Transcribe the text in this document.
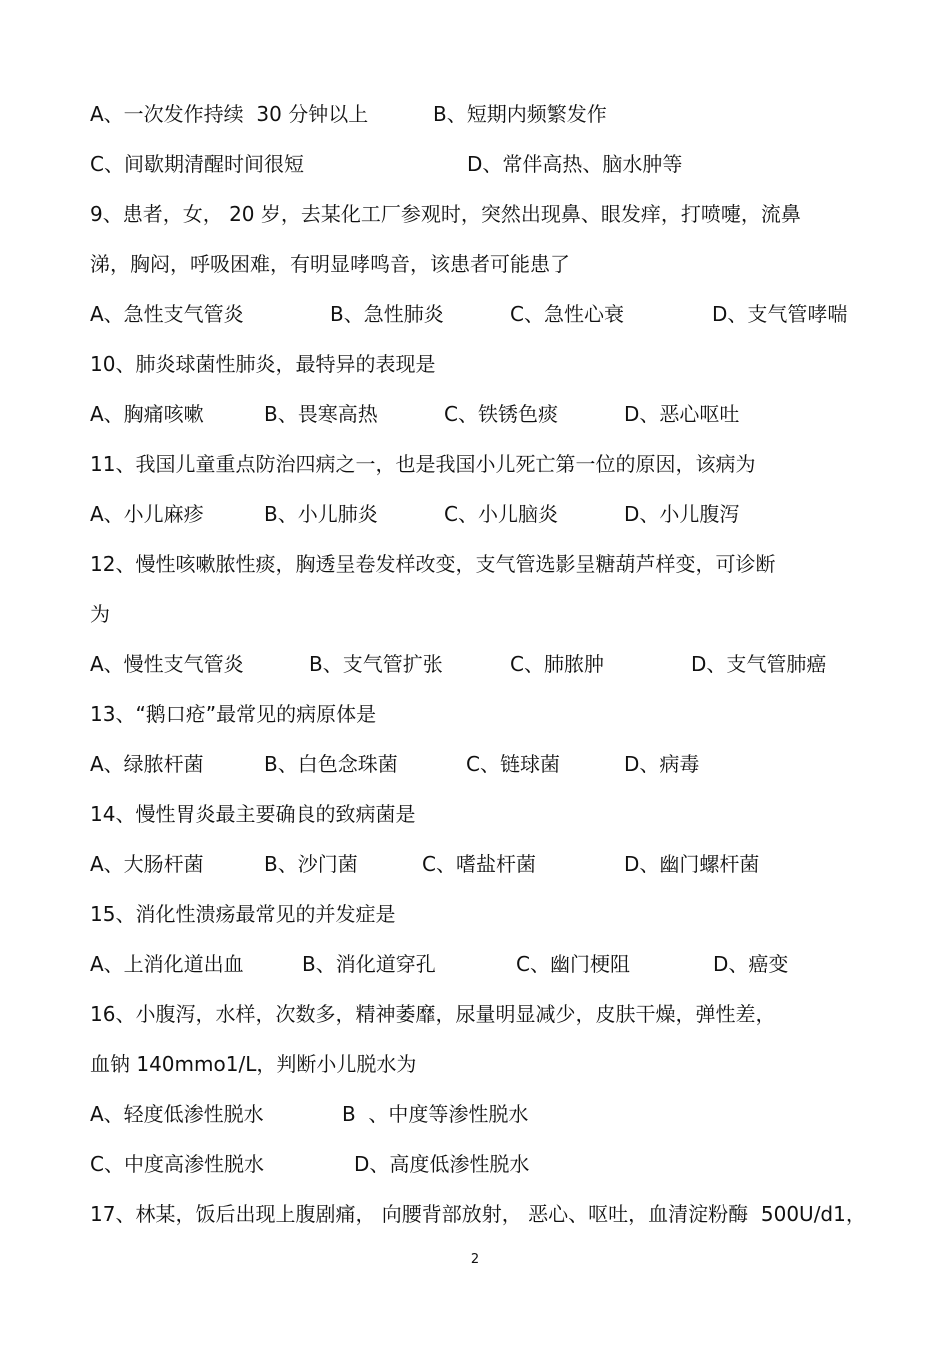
A、一次发作持续  30 分钟以上	B、短期内频繁发作
C、间歇期清醒时间很短	D、常伴高热、脑水肿等
9、患者，女， 20 岁，去某化工厂参观时，突然出现鼻、眼发痒，打喷嚏，流鼻
涕，胸闷，呼吸困难，有明显哮鸣音，该患者可能患了
A、急性支气管炎	B、急性肺炎	C、急性心衰	D、支气管哮喘
10、肺炎球菌性肺炎，最特异的表现是
A、胸痛咳嗽	B、畏寒高热	C、铁锈色痰	D、恶心呕吐
11、我国儿童重点防治四病之一，也是我国小儿死亡第一位的原因，该病为
A、小儿麻疹	B、小儿肺炎	C、小儿脑炎	D、小儿腹泻
12、慢性咳嗽脓性痰，胸透呈卷发样改变，支气管选影呈糖葫芦样变，可诊断
为
A、慢性支气管炎	B、支气管扩张	C、肺脓肿	D、支气管肺癌
13、“鹅口疮”最常见的病原体是
A、绿脓杆菌	B、白色念珠菌	C、链球菌	D、病毒
14、慢性胃炎最主要确良的致病菌是
A、大肠杆菌	B、沙门菌	C、嗜盐杆菌	D、幽门螺杆菌
15、消化性溃疡最常见的并发症是
A、上消化道出血	B、消化道穿孔	C、幽门梗阻	D、癌变
16、小腹泻，水样，次数多，精神萎靡，尿量明显减少，皮肤干燥，弹性差，
血钠 140mmo1/L，判断小儿脱水为
A、轻度低渗性脱水	B  、中度等渗性脱水
C、中度高渗性脱水	D、高度低渗性脱水
17、林某，饭后出现上腹剧痛， 向腰背部放射， 恶心、呕吐，血清淀粉酶  500U/d1，
2
